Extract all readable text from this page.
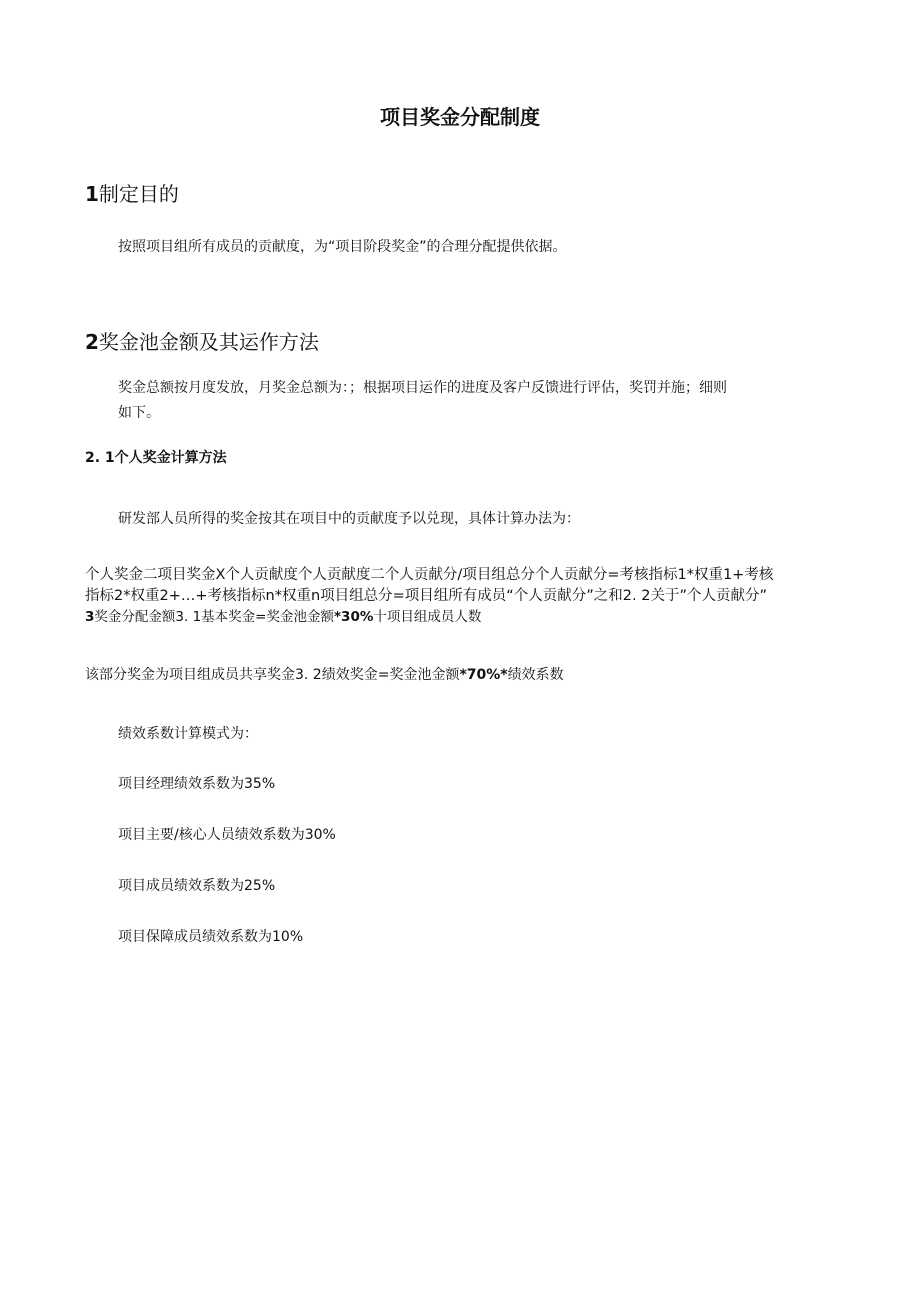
项目奖金分配制度
1制定目的

按照项目组所有成员的贡献度，为“项目阶段奖金”的合理分配提供依据。

2奖金池金额及其运作方法

奖金总额按月度发放，月奖金总额为：；根据项目运作的进度及客户反馈进行评估，奖罚并施；细则

如下。

2. 1个人奖金计算方法

研发部人员所得的奖金按其在项目中的贡献度予以兑现，具体计算办法为：

个人奖金二项目奖金X个人贡献度个人贡献度二个人贡献分/项目组总分个人贡献分=考核指标1*权重1+考核

指标2*权重2+…+考核指标n*权重n项目组总分=项目组所有成员“个人贡献分”之和2. 2关于”个人贡献分”

3奖金分配金额3. 1基本奖金=奖金池金额*30%十项目组成员人数

该部分奖金为项目组成员共享奖金3. 2绩效奖金=奖金池金额*70%*绩效系数

绩效系数计算模式为：

项目经理绩效系数为35%

项目主要/核心人员绩效系数为30%

项目成员绩效系数为25%

项目保障成员绩效系数为10%
